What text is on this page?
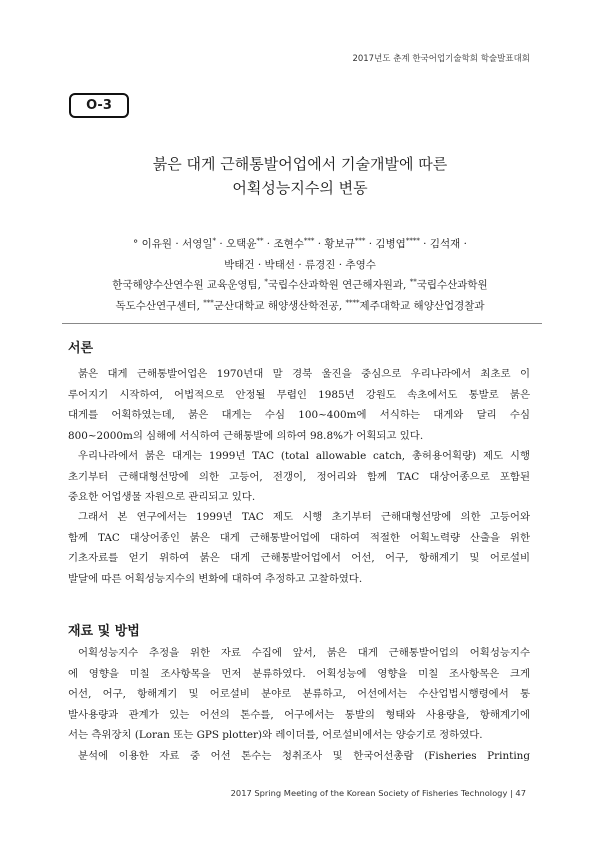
2017년도 춘계 한국어업기술학회 학술발표대회
O-3
붉은 대게 근해통발어업에서 기술개발에 따른
어획성능지수의 변동
° 이유원 · 서영일* · 오택윤** · 조현수*** · 황보규*** · 김병엽**** · 김석재 ·
박태건 · 박태선 · 류경진 · 추영수
한국해양수산연수원 교육운영팀, *국립수산과학원 연근해자원과, **국립수산과학원
독도수산연구센터, ***군산대학교 해양생산학전공, ****제주대학교 해양산업경찰과
서론

붉은 대게 근해통발어업은 1970년대 말 경북 울진을 중심으로 우리나라에서 최초로 이
루어지기 시작하여, 어법적으로 안정될 무렵인 1985년 강원도 속초에서도 통발로 붉은
대게를 어획하였는데, 붉은 대게는 수심 100~400m에 서식하는 대게와 달리 수심
800~2000m의 심해에 서식하여 근해통발에 의하여 98.8%가 어획되고 있다.

우리나라에서 붉은 대게는 1999년 TAC (total allowable catch, 총허용어획량) 제도 시행
초기부터 근해대형선망에 의한 고등어, 전갱이, 정어리와 함께 TAC 대상어종으로 포함된
중요한 어업생물 자원으로 관리되고 있다.

그래서 본 연구에서는 1999년 TAC 제도 시행 초기부터 근해대형선망에 의한 고등어와
함께 TAC 대상어종인 붉은 대게 근해통발어업에 대하여 적절한 어획노력량 산출을 위한
기초자료를 얻기 위하여 붉은 대게 근해통발어업에서 어선, 어구, 항해계기 및 어로설비
발달에 따른 어획성능지수의 변화에 대하여 추정하고 고찰하였다.

재료 및 방법

어획성능지수 추정을 위한 자료 수집에 앞서, 붉은 대게 근해통발어업의 어획성능지수
에 영향을 미칠 조사항목을 먼저 분류하였다. 어획성능에 영향을 미칠 조사항목은 크게
어선, 어구, 항해계기 및 어로설비 분야로 분류하고, 어선에서는 수산업법시행령에서 통
발사용량과 관계가 있는 어선의 톤수를, 어구에서는 통발의 형태와 사용량을, 항해계기에
서는 측위장치 (Loran 또는 GPS plotter)와 레이더를, 어로설비에서는 양승기로 정하였다.
분석에 이용한 자료 중 어선 톤수는 청취조사 및 한국어선총람 (Fisheries Printing

2017 Spring Meeting of the Korean Society of Fisheries Technology | 47
